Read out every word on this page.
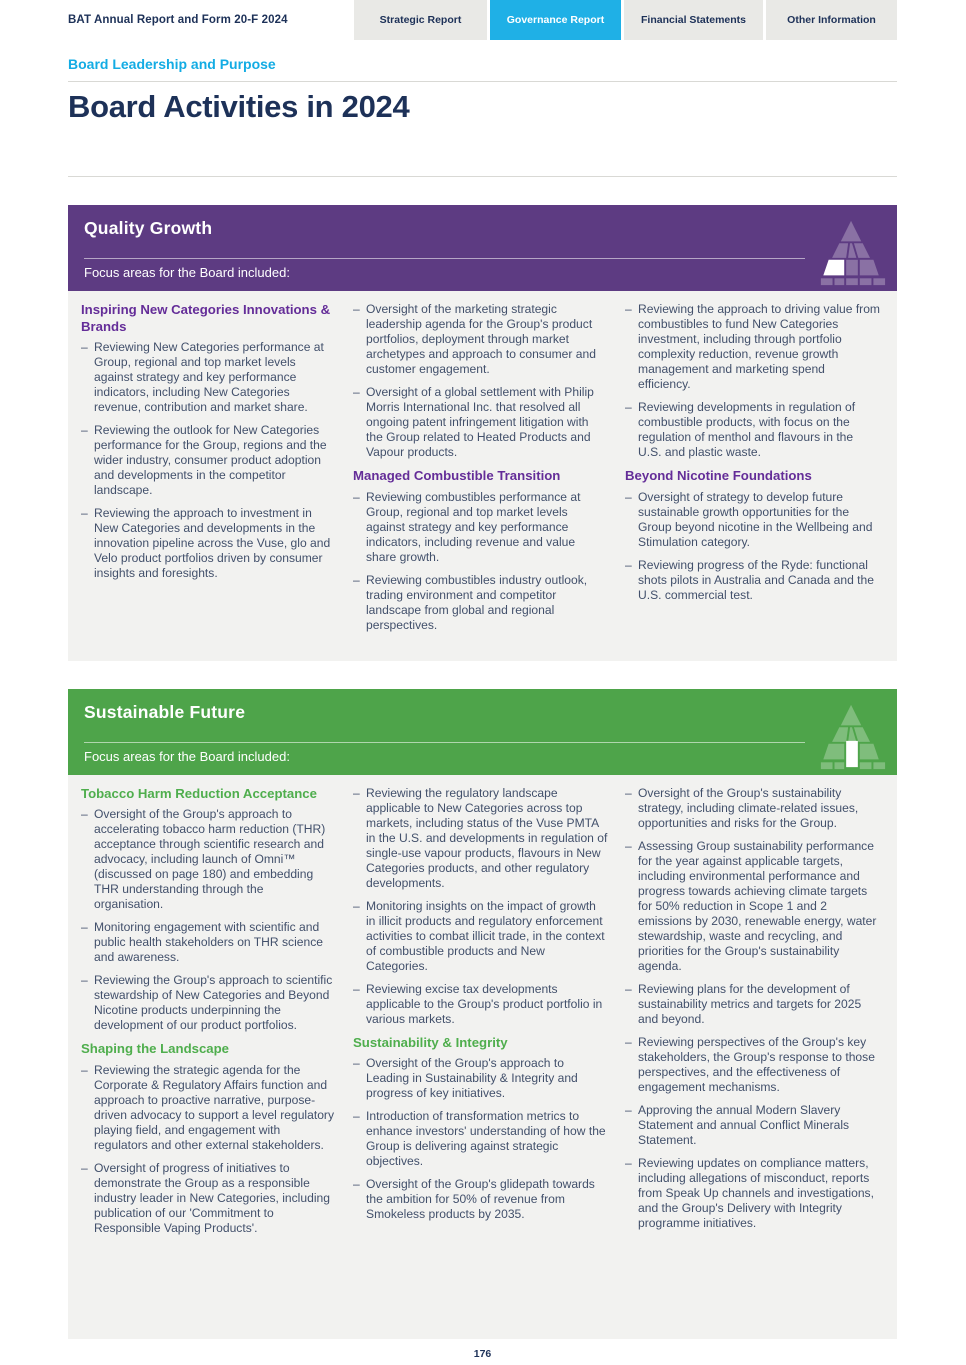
BAT Annual Report and Form 20-F 2024	Strategic Report	Governance Report	Financial Statements	Other Information
Board Leadership and Purpose
Board Activities in 2024
Quality Growth
Focus areas for the Board included:
Inspiring New Categories Innovations & Brands
– Reviewing New Categories performance at Group, regional and top market levels against strategy and key performance indicators, including New Categories revenue, contribution and market share.
– Reviewing the outlook for New Categories performance for the Group, regions and the wider industry, consumer product adoption and developments in the competitor landscape.
– Reviewing the approach to investment in New Categories and developments in the innovation pipeline across the Vuse, glo and Velo product portfolios driven by consumer insights and foresights.
– Oversight of the marketing strategic leadership agenda for the Group's product portfolios, deployment through market archetypes and approach to consumer and customer engagement.
– Oversight of a global settlement with Philip Morris International Inc. that resolved all ongoing patent infringement litigation with the Group related to Heated Products and Vapour products.
Managed Combustible Transition
– Reviewing combustibles performance at Group, regional and top market levels against strategy and key performance indicators, including revenue and value share growth.
– Reviewing combustibles industry outlook, trading environment and competitor landscape from global and regional perspectives.
– Reviewing the approach to driving value from combustibles to fund New Categories investment, including through portfolio complexity reduction, revenue growth management and marketing spend efficiency.
– Reviewing developments in regulation of combustible products, with focus on the regulation of menthol and flavours in the U.S. and plastic waste.
Beyond Nicotine Foundations
– Oversight of strategy to develop future sustainable growth opportunities for the Group beyond nicotine in the Wellbeing and Stimulation category.
– Reviewing progress of the Ryde: functional shots pilots in Australia and Canada and the U.S. commercial test.
Sustainable Future
Focus areas for the Board included:
Tobacco Harm Reduction Acceptance
– Oversight of the Group's approach to accelerating tobacco harm reduction (THR) acceptance through scientific research and advocacy, including launch of Omni™ (discussed on page 180) and embedding THR understanding through the organisation.
– Monitoring engagement with scientific and public health stakeholders on THR science and awareness.
– Reviewing the Group's approach to scientific stewardship of New Categories and Beyond Nicotine products underpinning the development of our product portfolios.
Shaping the Landscape
– Reviewing the strategic agenda for the Corporate & Regulatory Affairs function and approach to proactive narrative, purpose-driven advocacy to support a level regulatory playing field, and engagement with regulators and other external stakeholders.
– Oversight of progress of initiatives to demonstrate the Group as a responsible industry leader in New Categories, including publication of our 'Commitment to Responsible Vaping Products'.
– Reviewing the regulatory landscape applicable to New Categories across top markets, including status of the Vuse PMTA in the U.S. and developments in regulation of single-use vapour products, flavours in New Categories products, and other regulatory developments.
– Monitoring insights on the impact of growth in illicit products and regulatory enforcement activities to combat illicit trade, in the context of combustible products and New Categories.
– Reviewing excise tax developments applicable to the Group's product portfolio in various markets.
Sustainability & Integrity
– Oversight of the Group's approach to Leading in Sustainability & Integrity and progress of key initiatives.
– Introduction of transformation metrics to enhance investors' understanding of how the Group is delivering against strategic objectives.
– Oversight of the Group's glidepath towards the ambition for 50% of revenue from Smokeless products by 2035.
– Oversight of the Group's sustainability strategy, including climate-related issues, opportunities and risks for the Group.
– Assessing Group sustainability performance for the year against applicable targets, including environmental performance and progress towards achieving climate targets for 50% reduction in Scope 1 and 2 emissions by 2030, renewable energy, water stewardship, waste and recycling, and priorities for the Group's sustainability agenda.
– Reviewing plans for the development of sustainability metrics and targets for 2025 and beyond.
– Reviewing perspectives of the Group's key stakeholders, the Group's response to those perspectives, and the effectiveness of engagement mechanisms.
– Approving the annual Modern Slavery Statement and annual Conflict Minerals Statement.
– Reviewing updates on compliance matters, including allegations of misconduct, reports from Speak Up channels and investigations, and the Group's Delivery with Integrity programme initiatives.
176
